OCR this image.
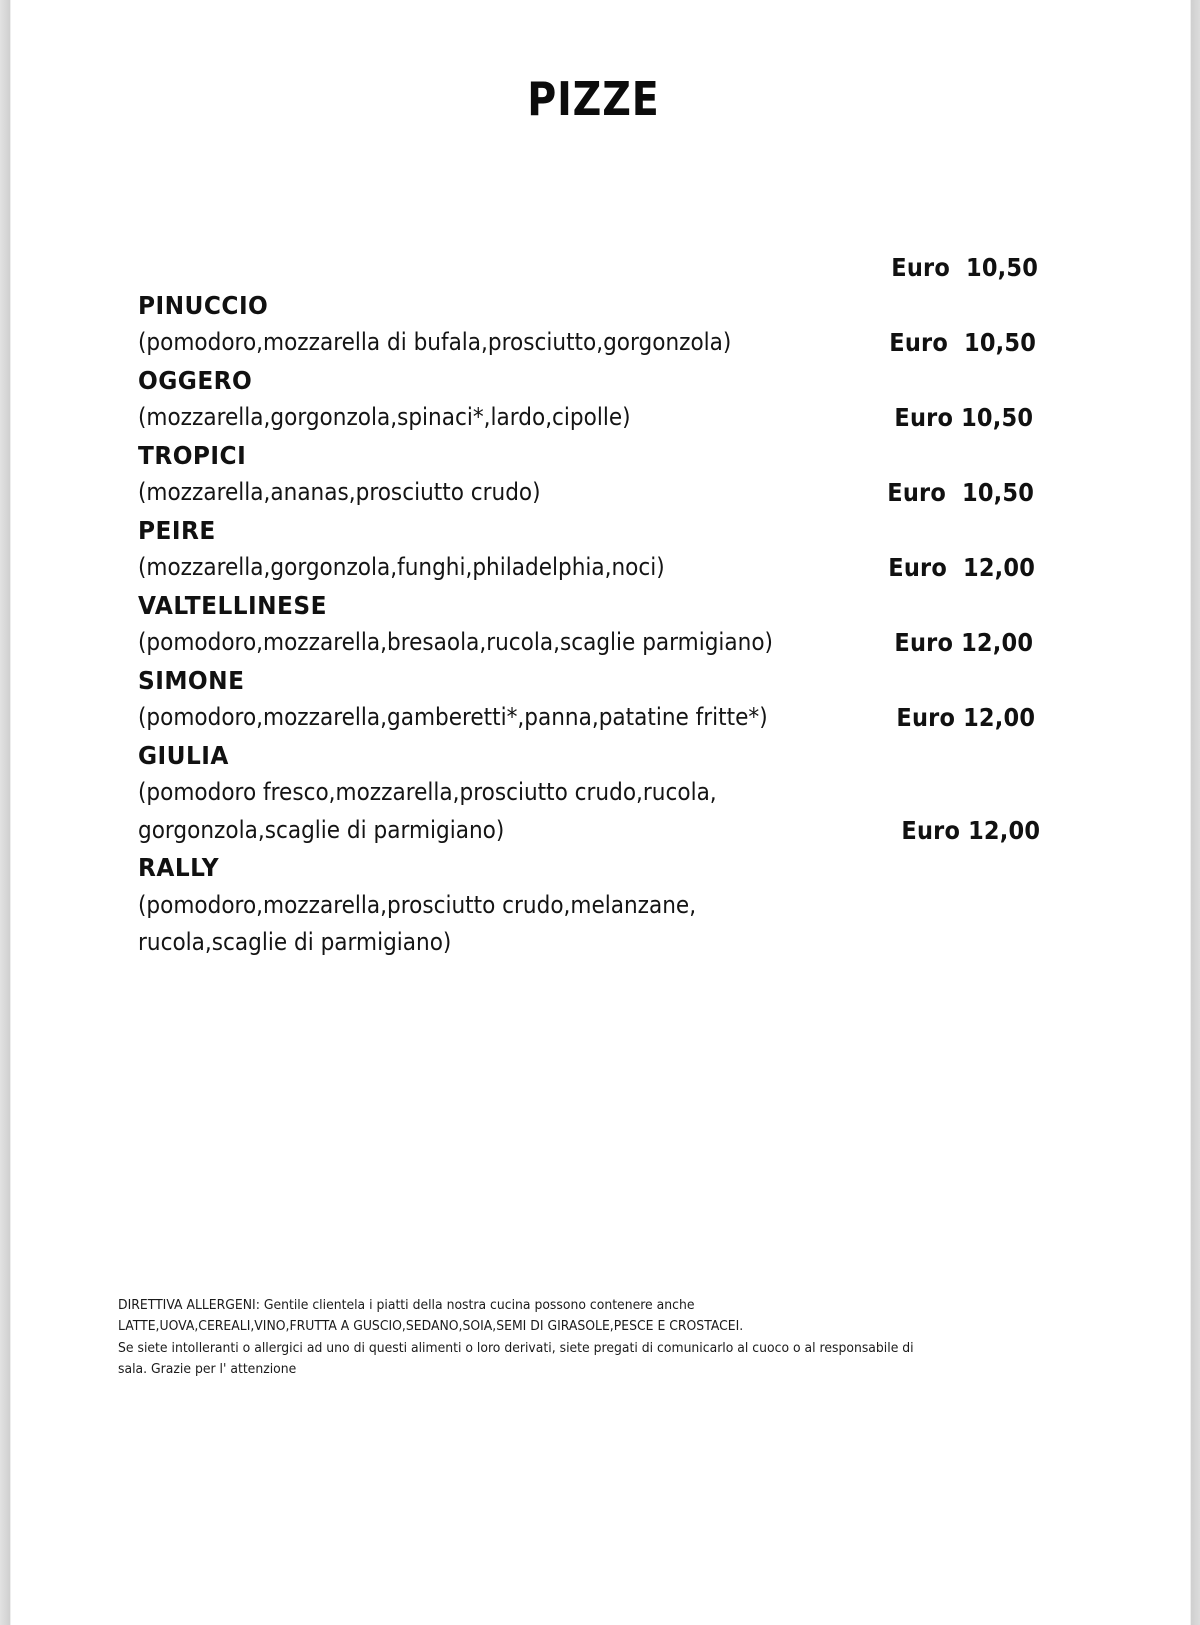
PIZZE

PINUCCIO

Euro  10,50

(pomodoro,mozzarella di bufala,prosciutto,gorgonzola)

OGGERO

Euro  10,50

(mozzarella,gorgonzola,spinaci*,lardo,cipolle)

TROPICI

Euro 10,50

(mozzarella,ananas,prosciutto crudo)

PEIRE

Euro  10,50

(mozzarella,gorgonzola,funghi,philadelphia,noci)

VALTELLINESE

Euro  12,00

(pomodoro,mozzarella,bresaola,rucola,scaglie parmigiano)

SIMONE

Euro 12,00

(pomodoro,mozzarella,gamberetti*,panna,patatine fritte*)

GIULIA

Euro 12,00

(pomodoro fresco,mozzarella,prosciutto crudo,rucola,

gorgonzola,scaglie di parmigiano)

RALLY

Euro 12,00

(pomodoro,mozzarella,prosciutto crudo,melanzane,

rucola,scaglie di parmigiano)

DIRETTIVA ALLERGENI: Gentile clientela i piatti della nostra cucina possono contenere anche
LATTE,UOVA,CEREALI,VINO,FRUTTA A GUSCIO,SEDANO,SOIA,SEMI DI GIRASOLE,PESCE E CROSTACEI.
Se siete intolleranti o allergici ad uno di questi alimenti o loro derivati, siete pregati di comunicarlo al cuoco o al responsabile di
sala. Grazie per l' attenzione
